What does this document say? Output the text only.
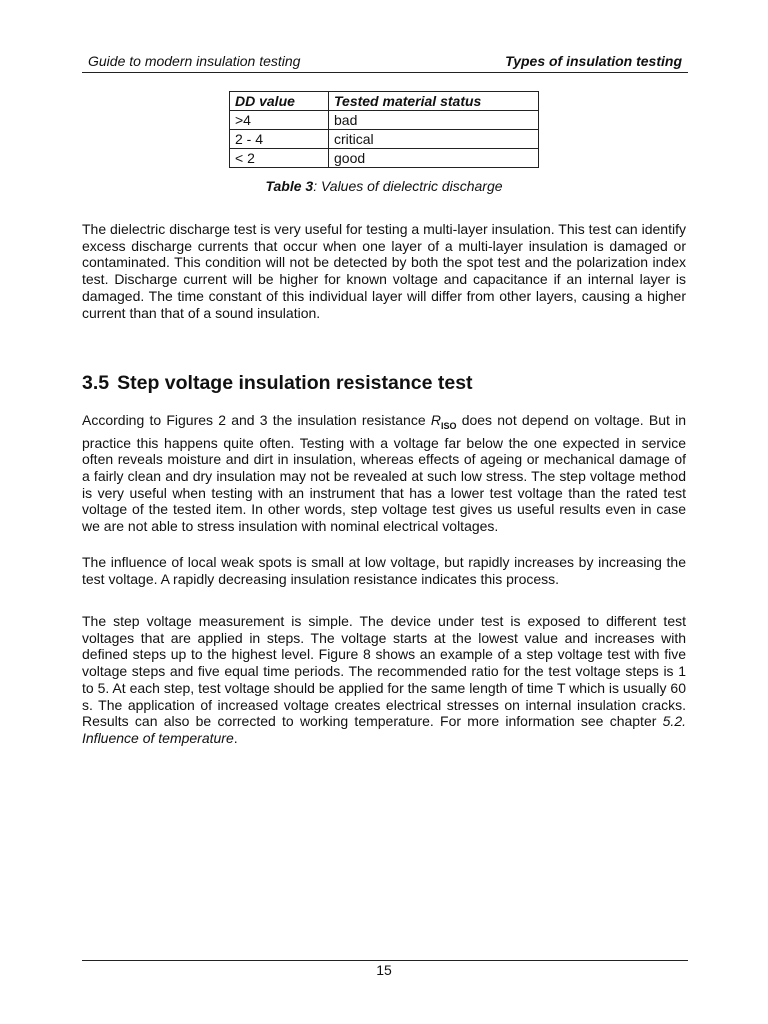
Guide to modern insulation testing	Types of insulation testing
DD value	Tested material status
>4	bad
2 - 4	critical
< 2	good
Table 3: Values of dielectric discharge

The dielectric discharge test is very useful for testing a multi-layer insulation. This test can identify excess discharge currents that occur when one layer of a multi-layer insulation is damaged or contaminated. This condition will not be detected by both the spot test and the polarization index test. Discharge current will be higher for known voltage and capacitance if an internal layer is damaged. The time constant of this individual layer will differ from other layers, causing a higher current than that of a sound insulation.

3.5 Step voltage insulation resistance test

According to Figures 2 and 3 the insulation resistance $R_{ISO}$ does not depend on voltage. But in practice this happens quite often. Testing with a voltage far below the one expected in service often reveals moisture and dirt in insulation, whereas effects of ageing or mechanical damage of a fairly clean and dry insulation may not be revealed at such low stress. The step voltage method is very useful when testing with an instrument that has a lower test voltage than the rated test voltage of the tested item. In other words, step voltage test gives us useful results even in case we are not able to stress insulation with nominal electrical voltages.

The influence of local weak spots is small at low voltage, but rapidly increases by increasing the test voltage. A rapidly decreasing insulation resistance indicates this process.

The step voltage measurement is simple. The device under test is exposed to different test voltages that are applied in steps. The voltage starts at the lowest value and increases with defined steps up to the highest level. Figure 8 shows an example of a step voltage test with five voltage steps and five equal time periods. The recommended ratio for the test voltage steps is 1 to 5. At each step, test voltage should be applied for the same length of time T which is usually 60 s. The application of increased voltage creates electrical stresses on internal insulation cracks. Results can also be corrected to working temperature. For more information see chapter 5.2. Influence of temperature.

15
